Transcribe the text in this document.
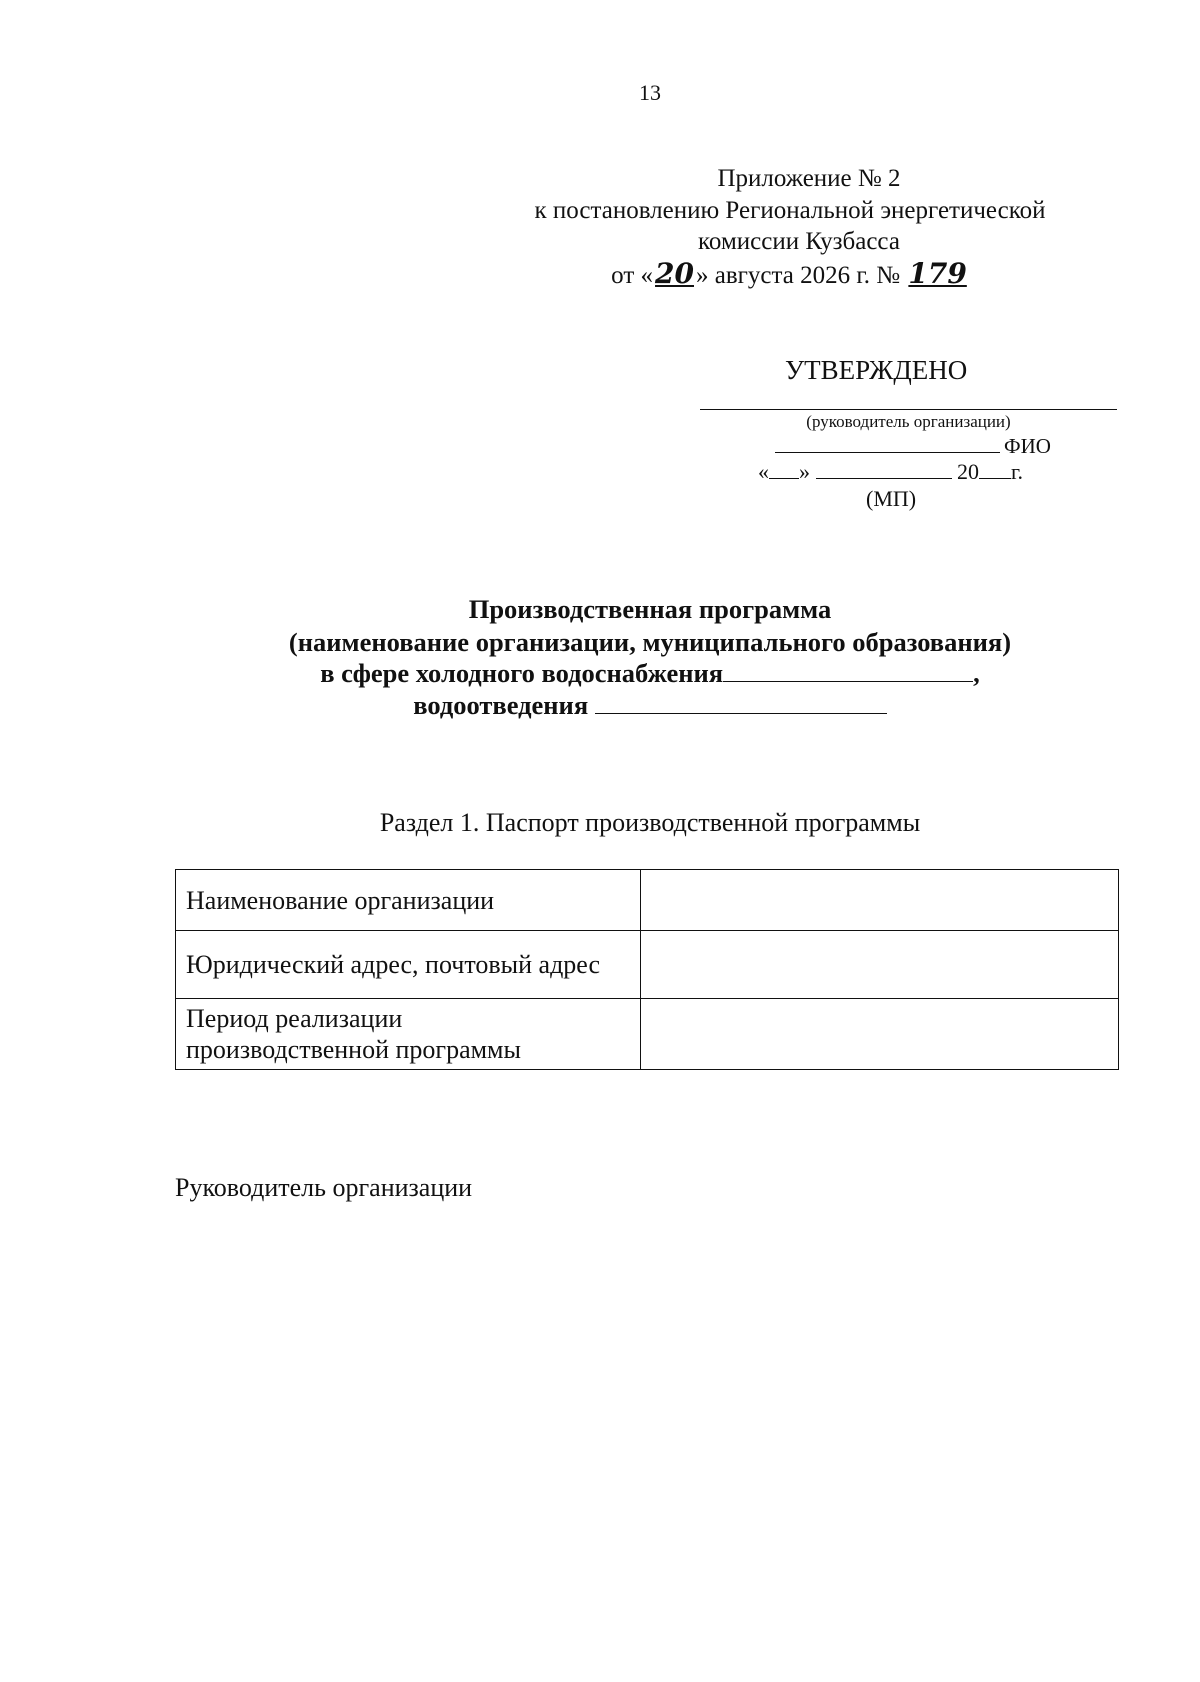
13
Приложение № 2
к постановлению Региональной энергетической
комиссии Кузбасса
от «20» августа 2026 г. № 179
УТВЕРЖДЕНО
(руководитель организации)
ФИО
« »	20 г.
(МП)
Производственная программа
(наименование организации, муниципального образования)
в сфере холодного водоснабжения	,
водоотведения
Раздел 1. Паспорт производственной программы
Наименование организации	
Юридический адрес, почтовый адрес	
Период реализации
производственной программы	
Руководитель организации
